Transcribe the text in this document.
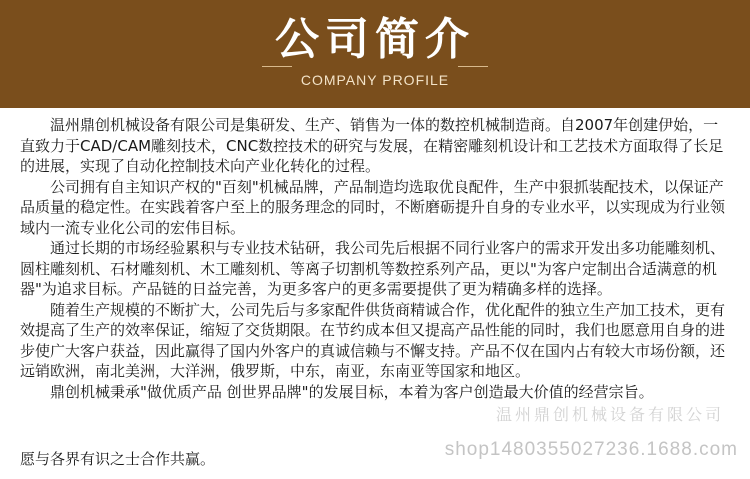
公司简介
COMPANY PROFILE

温州鼎创机械设备有限公司是集研发、生产、销售为一体的数控机械制造商。自2007年创建伊始，一直致力于CAD/CAM雕刻技术，CNC数控技术的研究与发展，在精密雕刻机设计和工艺技术方面取得了长足的进展，实现了自动化控制技术向产业化转化的过程。

公司拥有自主知识产权的"百刻"机械品牌，产品制造均选取优良配件，生产中狠抓装配技术，以保证产品质量的稳定性。在实践着客户至上的服务理念的同时，不断磨砺提升自身的专业水平，以实现成为行业领域内一流专业化公司的宏伟目标。

通过长期的市场经验累积与专业技术钻研，我公司先后根据不同行业客户的需求开发出多功能雕刻机、圆柱雕刻机、石材雕刻机、木工雕刻机、等离子切割机等数控系列产品，更以"为客户定制出合适满意的机器"为追求目标。产品链的日益完善，为更多客户的更多需要提供了更为精确多样的选择。

随着生产规模的不断扩大，公司先后与多家配件供货商精诚合作，优化配件的独立生产加工技术，更有效提高了生产的效率保证，缩短了交货期限。在节约成本但又提高产品性能的同时，我们也愿意用自身的进步使广大客户获益，因此赢得了国内外客户的真诚信赖与不懈支持。产品不仅在国内占有较大市场份额，还远销欧洲，南北美洲，大洋洲，俄罗斯，中东，南亚，东南亚等国家和地区。

鼎创机械秉承"做优质产品 创世界品牌"的发展目标，本着为客户创造最大价值的经营宗旨。

温州鼎创机械设备有限公司
shop1480355027236.1688.com
愿与各界有识之士合作共赢。
